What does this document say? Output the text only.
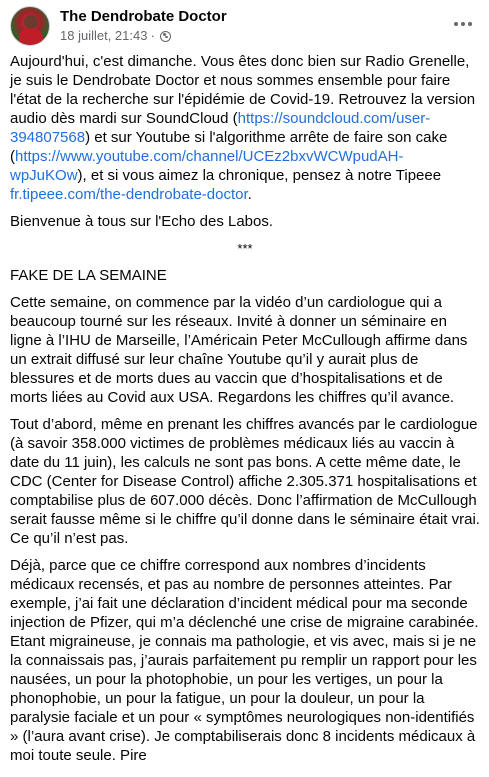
The Dendrobate Doctor
18 juillet, 21:43 ·

Aujourd'hui, c'est dimanche. Vous êtes donc bien sur Radio Grenelle, je suis le Dendrobate Doctor et nous sommes ensemble pour faire l'état de la recherche sur l'épidémie de Covid-19. Retrouvez la version audio dès mardi sur SoundCloud (https://soundcloud.com/user-394807568) et sur Youtube si l'algorithme arrête de faire son cake (https://www.youtube.com/channel/UCEz2bxvWCWpudAH-wpJuKOw), et si vous aimez la chronique, pensez à notre Tipeee fr.tipeee.com/the-dendrobate-doctor.

Bienvenue à tous sur l'Echo des Labos.

***

FAKE DE LA SEMAINE

Cette semaine, on commence par la vidéo d’un cardiologue qui a beaucoup tourné sur les réseaux. Invité à donner un séminaire en ligne à l’IHU de Marseille, l’Américain Peter McCullough affirme dans un extrait diffusé sur leur chaîne Youtube qu’il y aurait plus de blessures et de morts dues au vaccin que d’hospitalisations et de morts liées au Covid aux USA. Regardons les chiffres qu’il avance.

Tout d’abord, même en prenant les chiffres avancés par le cardiologue (à savoir 358.000 victimes de problèmes médicaux liés au vaccin à date du 11 juin), les calculs ne sont pas bons. A cette même date, le CDC (Center for Disease Control) affiche 2.305.371 hospitalisations et comptabilise plus de 607.000 décès. Donc l’affirmation de McCullough serait fausse même si le chiffre qu’il donne dans le séminaire était vrai. Ce qu’il n’est pas.

Déjà, parce que ce chiffre correspond aux nombres d’incidents médicaux recensés, et pas au nombre de personnes atteintes. Par exemple, j’ai fait une déclaration d’incident médical pour ma seconde injection de Pfizer, qui m’a déclenché une crise de migraine carabinée. Etant migraineuse, je connais ma pathologie, et vis avec, mais si je ne la connaissais pas, j’aurais parfaitement pu remplir un rapport pour les nausées, un pour la photophobie, un pour les vertiges, un pour la phonophobie, un pour la fatigue, un pour la douleur, un pour la paralysie faciale et un pour « symptômes neurologiques non-identifiés » (l’aura avant crise). Je comptabiliserais donc 8 incidents médicaux à moi toute seule. Pire
